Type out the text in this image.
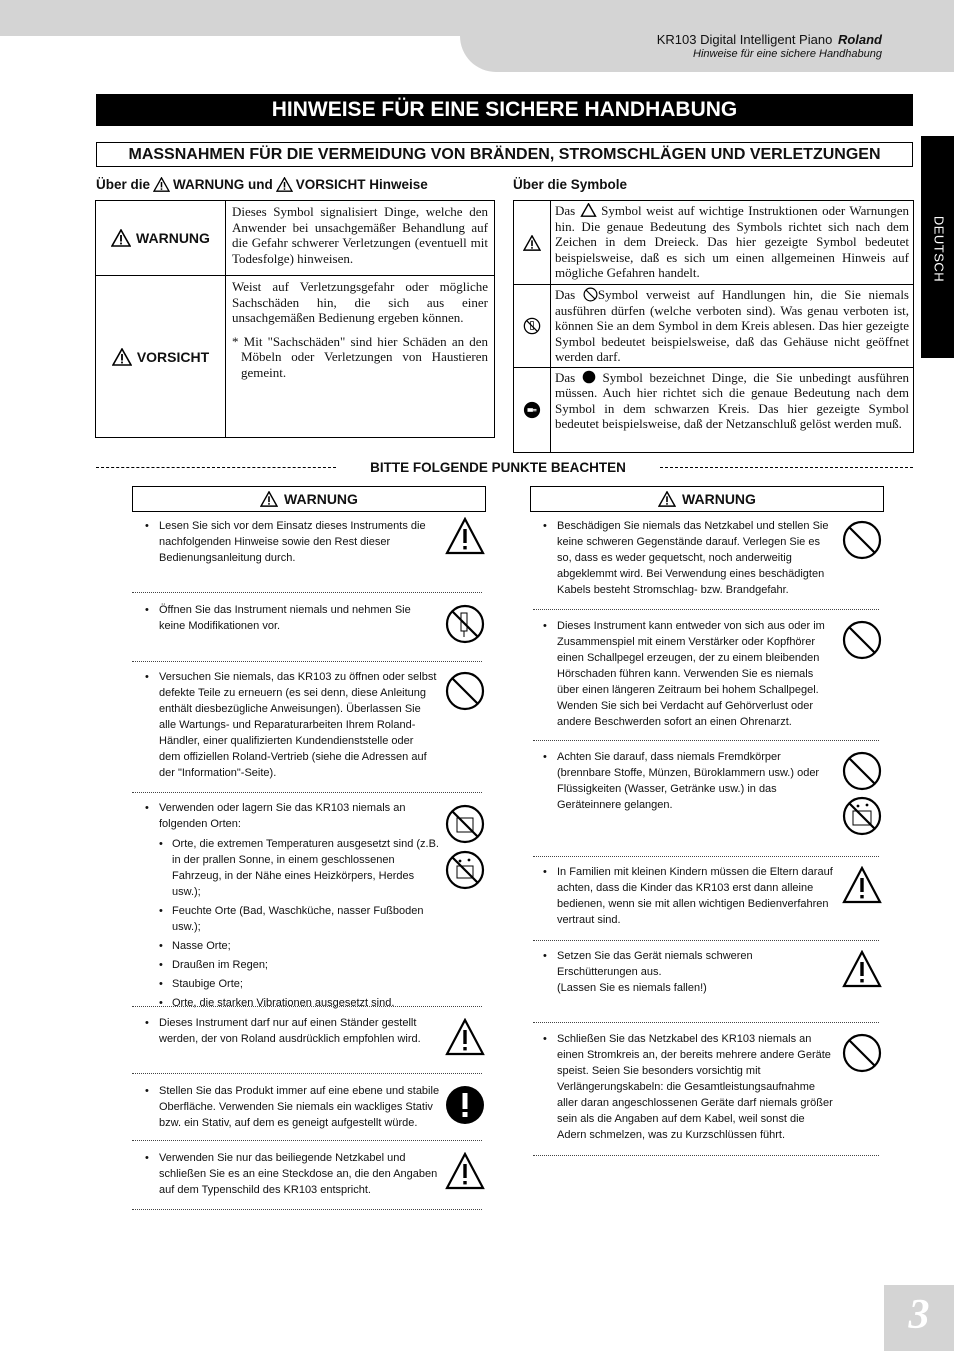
KR103 Digital Intelligent Piano Roland
Hinweise für eine sichere Handhabung
HINWEISE FÜR EINE SICHERE HANDHABUNG
MASSNAHMEN FÜR DIE VERMEIDUNG VON BRÄNDEN, STROMSCHLÄGEN UND VERLETZUNGEN
DEUTSCH
Über die WARNUNG und VORSICHT Hinweise
WARNUNG	Dieses Symbol signalisiert Dinge, welche den Anwender bei unsachgemäßer Behandlung auf die Gefahr schwerer Verletzungen (eventuell mit Todesfolge) hinweisen.

VORSICHT	Weist auf Verletzungsgefahr oder mögliche Sachschäden hin, die sich aus einer unsachgemäßen Bedienung ergeben können.
* Mit "Sachschäden" sind hier Schäden an den Möbeln oder Verletzungen von Haustieren gemeint.
Über die Symbole

Das Symbol weist auf wichtige Instruktionen oder Warnungen hin. Die genaue Bedeutung des Symbols richtet sich nach dem Zeichen in dem Dreieck. Das hier gezeigte Symbol bedeutet beispielsweise, daß es sich um einen allgemeinen Hinweis auf mögliche Gefahren handelt.

Das Symbol verweist auf Handlungen hin, die Sie niemals ausführen dürfen (welche verboten sind). Was genau verboten ist, können Sie an dem Symbol in dem Kreis ablesen. Das hier gezeigte Symbol bedeutet beispielsweise, daß das Gehäuse nicht geöffnet werden darf.

Das Symbol bezeichnet Dinge, die Sie unbedingt ausführen müssen. Auch hier richtet sich die genaue Bedeutung nach dem Symbol in dem schwarzen Kreis. Das hier gezeigte Symbol bedeutet beispielsweise, daß der Netzanschluß gelöst werden muß.
BITTE FOLGENDE PUNKTE BEACHTEN
WARNUNG	WARNUNG
• Lesen Sie sich vor dem Einsatz dieses Instruments die nachfolgenden Hinweise sowie den Rest dieser Bedienungsanleitung durch.
• Öffnen Sie das Instrument niemals und nehmen Sie keine Modifikationen vor.
• Versuchen Sie niemals, das KR103 zu öffnen oder selbst defekte Teile zu erneuern (es sei denn, diese Anleitung enthält diesbezügliche Anweisungen). Überlassen Sie alle Wartungs- und Reparaturarbeiten Ihrem Roland-Händler, einer qualifizierten Kundendienststelle oder dem offiziellen Roland-Vertrieb (siehe die Adressen auf der "Information"-Seite).
• Verwenden oder lagern Sie das KR103 niemals an folgenden Orten:
• Orte, die extremen Temperaturen ausgesetzt sind (z.B. in der prallen Sonne, in einem geschlossenen Fahrzeug, in der Nähe eines Heizkörpers, Herdes usw.);
• Feuchte Orte (Bad, Waschküche, nasser Fußboden usw.);
• Nasse Orte;
• Draußen im Regen;
• Staubige Orte;
• Orte, die starken Vibrationen ausgesetzt sind.
• Dieses Instrument darf nur auf einen Ständer gestellt werden, der von Roland ausdrücklich empfohlen wird.
• Stellen Sie das Produkt immer auf eine ebene und stabile Oberfläche. Verwenden Sie niemals ein wackliges Stativ bzw. ein Stativ, auf dem es geneigt aufgestellt würde.
• Verwenden Sie nur das beiliegende Netzkabel und schließen Sie es an eine Steckdose an, die den Angaben auf dem Typenschild des KR103 entspricht.
• Beschädigen Sie niemals das Netzkabel und stellen Sie keine schweren Gegenstände darauf. Verlegen Sie es so, dass es weder gequetscht, noch anderweitig abgeklemmt wird. Bei Verwendung eines beschädigten Kabels besteht Stromschlag- bzw. Brandgefahr.
• Dieses Instrument kann entweder von sich aus oder im Zusammenspiel mit einem Verstärker oder Kopfhörer einen Schallpegel erzeugen, der zu einem bleibenden Hörschaden führen kann. Verwenden Sie es niemals über einen längeren Zeitraum bei hohem Schallpegel. Wenden Sie sich bei Verdacht auf Gehörverlust oder andere Beschwerden sofort an einen Ohrenarzt.
• Achten Sie darauf, dass niemals Fremdkörper (brennbare Stoffe, Münzen, Büroklammern usw.) oder Flüssigkeiten (Wasser, Getränke usw.) in das Geräteinnere gelangen.
• In Familien mit kleinen Kindern müssen die Eltern darauf achten, dass die Kinder das KR103 erst dann alleine bedienen, wenn sie mit allen wichtigen Bedienverfahren vertraut sind.
• Setzen Sie das Gerät niemals schweren Erschütterungen aus.
(Lassen Sie es niemals fallen!)
• Schließen Sie das Netzkabel des KR103 niemals an einen Stromkreis an, der bereits mehrere andere Geräte speist. Seien Sie besonders vorsichtig mit Verlängerungskabeln: die Gesamtleistungsaufnahme aller daran angeschlossenen Geräte darf niemals größer sein als die Angaben auf dem Kabel, weil sonst die Adern schmelzen, was zu Kurzschlüssen führt.
3
